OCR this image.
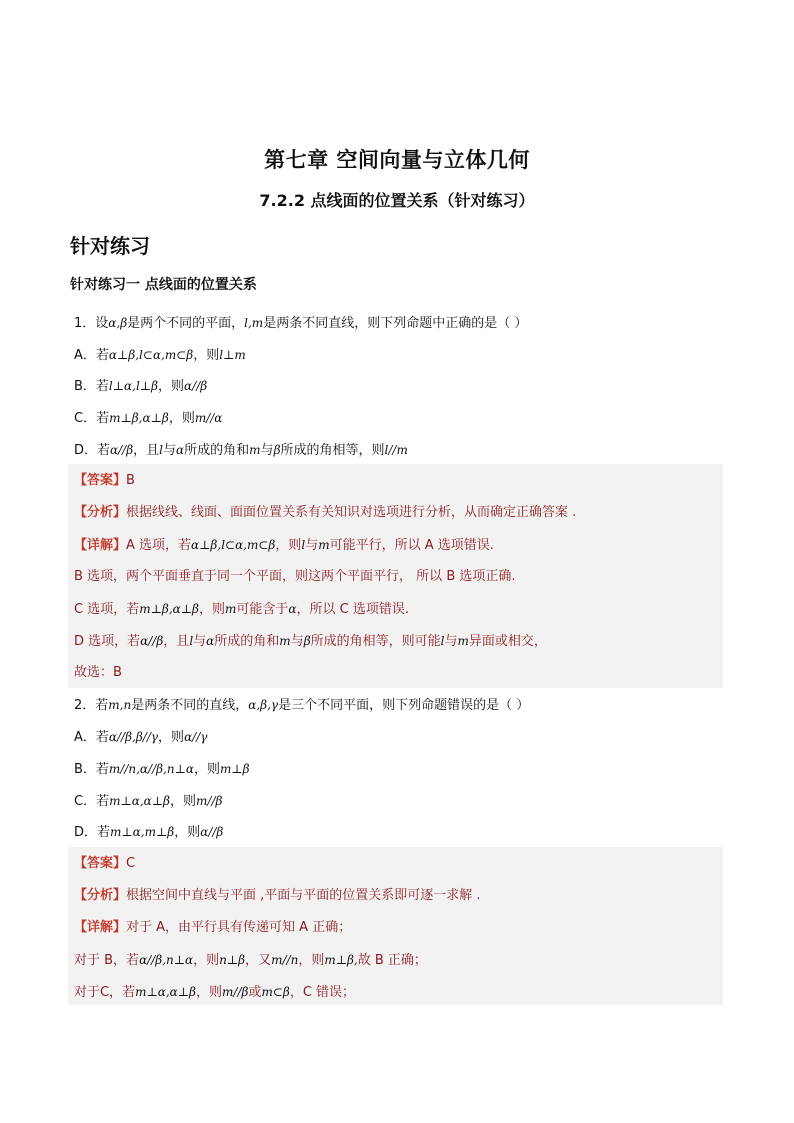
第七章 空间向量与立体几何
7.2.2 点线面的位置关系（针对练习）
针对练习
针对练习一 点线面的位置关系
1．设α,β是两个不同的平面，l,m是两条不同直线，则下列命题中正确的是（ ）
A．若α⊥β,l⊂α,m⊂β，则l⊥m
B．若l⊥α,l⊥β，则α//β
C．若m⊥β,α⊥β，则m//α
D．若α//β，且l与α所成的角和m与β所成的角相等，则l//m
【答案】B
【分析】根据线线、线面、面面位置关系有关知识对选项进行分析，从而确定正确答案 .
【详解】A 选项，若α⊥β,l⊂α,m⊂β，则l与m可能平行，所以 A 选项错误.
B 选项，两个平面垂直于同一个平面，则这两个平面平行， 所以 B 选项正确.
C 选项，若m⊥β,α⊥β，则m可能含于α，所以 C 选项错误.
D 选项，若α//β，且l与α所成的角和m与β所成的角相等，则可能l与m异面或相交，
故选：B
2．若m,n是两条不同的直线，α,β,γ是三个不同平面，则下列命题错误的是（ ）
A．若α//β,β//γ，则α//γ
B．若m//n,α//β,n⊥α，则m⊥β
C．若m⊥α,α⊥β，则m//β
D．若m⊥α,m⊥β，则α//β
【答案】C
【分析】根据空间中直线与平面 ,平面与平面的位置关系即可逐一求解 .
【详解】对于 A，由平行具有传递可知 A 正确；
对于 B，若α//β,n⊥α，则n⊥β，又m//n，则m⊥β,故 B 正确；
对于C，若m⊥α,α⊥β，则m//β或m⊂β，C 错误；
